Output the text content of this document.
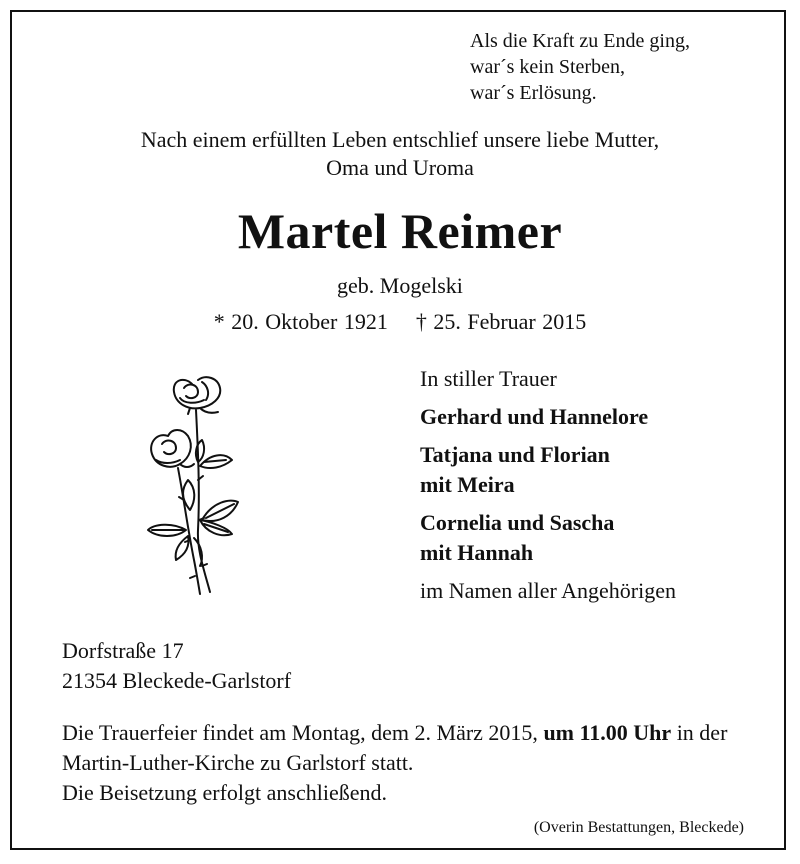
Als die Kraft zu Ende ging,
war´s kein Sterben,
war´s Erlösung.
Nach einem erfüllten Leben entschlief unsere liebe Mutter,
Oma und Uroma
Martel Reimer
geb. Mogelski
* 20. Oktober 1921 † 25. Februar 2015
In stiller Trauer
Gerhard und Hannelore
Tatjana und Florian
mit Meira
Cornelia und Sascha
mit Hannah
im Namen aller Angehörigen
Dorfstraße 17
21354 Bleckede-Garlstorf
Die Trauerfeier findet am Montag, dem 2. März 2015, um 11.00 Uhr in der Martin-Luther-Kirche zu Garlstorf statt.
Die Beisetzung erfolgt anschließend.
(Overin Bestattungen, Bleckede)
